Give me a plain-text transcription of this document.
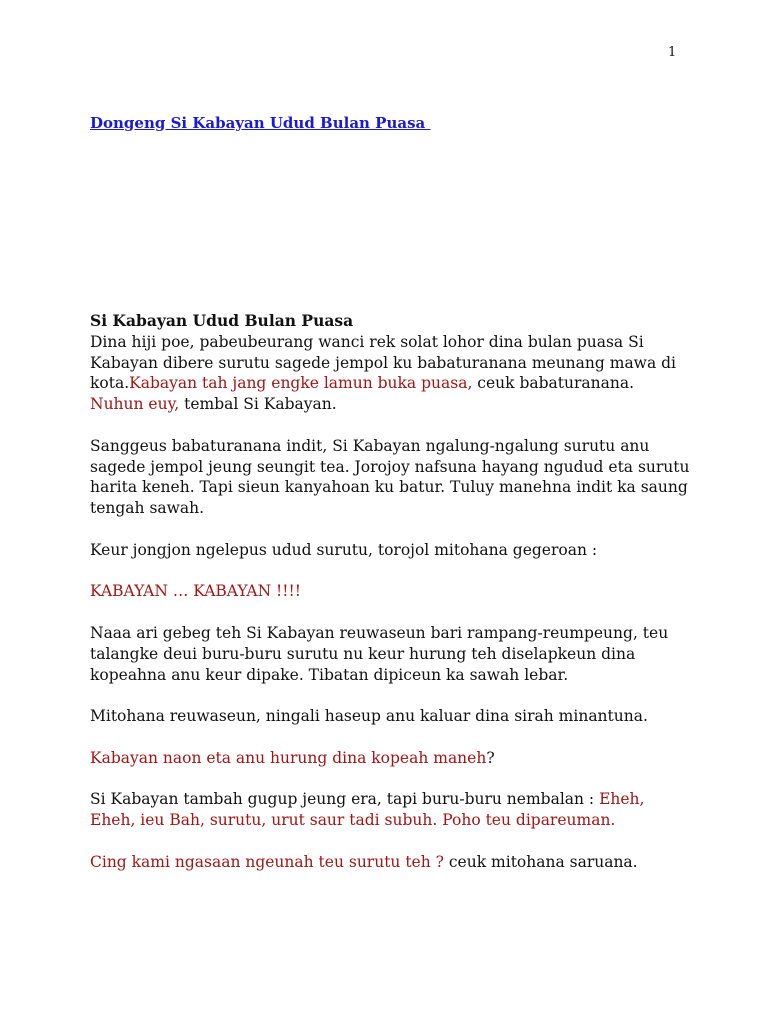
1
Dongeng Si Kabayan Udud Bulan Puasa
Si Kabayan Udud Bulan Puasa

Dina hiji poe, pabeubeurang wanci rek solat lohor dina bulan puasa Si Kabayan dibere surutu sagede jempol ku babaturanana meunang mawa di kota.Kabayan tah jang engke lamun buka puasa, ceuk babaturanana.
Nuhun euy, tembal Si Kabayan.

Sanggeus babaturanana indit, Si Kabayan ngalung-ngalung surutu anu sagede jempol jeung seungit tea. Jorojoy nafsuna hayang ngudud eta surutu harita keneh. Tapi sieun kanyahoan ku batur. Tuluy manehna indit ka saung tengah sawah.

Keur jongjon ngelepus udud surutu, torojol mitohana gegeroan :

KABAYAN … KABAYAN !!!!

Naaa ari gebeg teh Si Kabayan reuwaseun bari rampang-reumpeung, teu talangke deui buru-buru surutu nu keur hurung teh diselapkeun dina kopeahna anu keur dipake. Tibatan dipiceun ka sawah lebar.

Mitohana reuwaseun, ningali haseup anu kaluar dina sirah minantuna.

Kabayan naon eta anu hurung dina kopeah maneh?

Si Kabayan tambah gugup jeung era, tapi buru-buru nembalan : Eheh, Eheh, ieu Bah, surutu, urut saur tadi subuh. Poho teu dipareuman.

Cing kami ngasaan ngeunah teu surutu teh ? ceuk mitohana saruana.
